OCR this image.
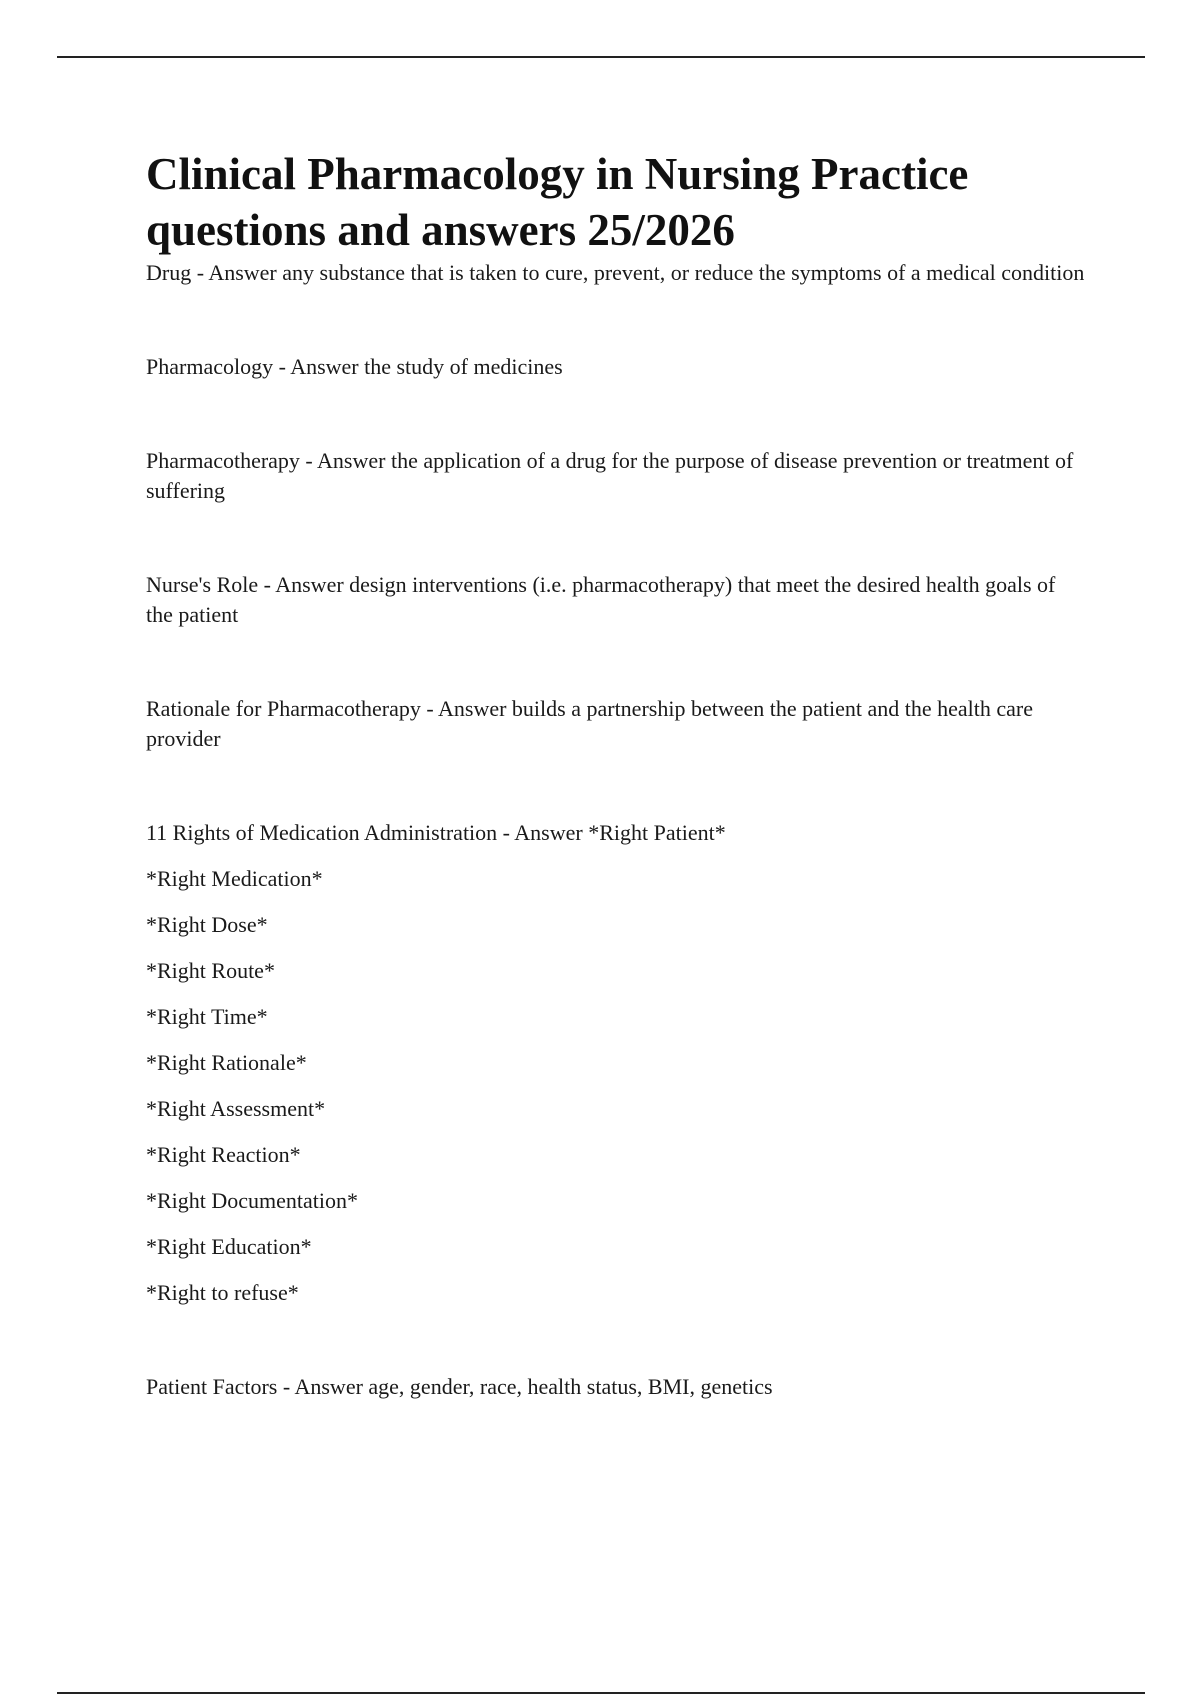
Clinical Pharmacology in Nursing Practice
questions and answers 25/2026

Drug - Answer any substance that is taken to cure, prevent, or reduce the symptoms of a medical condition

Pharmacology - Answer the study of medicines

Pharmacotherapy - Answer the application of a drug for the purpose of disease prevention or treatment of suffering

Nurse's Role - Answer design interventions (i.e. pharmacotherapy) that meet the desired health goals of the patient

Rationale for Pharmacotherapy - Answer builds a partnership between the patient and the health care provider

11 Rights of Medication Administration - Answer *Right Patient*

*Right Medication*
*Right Dose*
*Right Route*
*Right Time*
*Right Rationale*
*Right Assessment*
*Right Reaction*
*Right Documentation*
*Right Education*
*Right to refuse*

Patient Factors - Answer age, gender, race, health status, BMI, genetics
